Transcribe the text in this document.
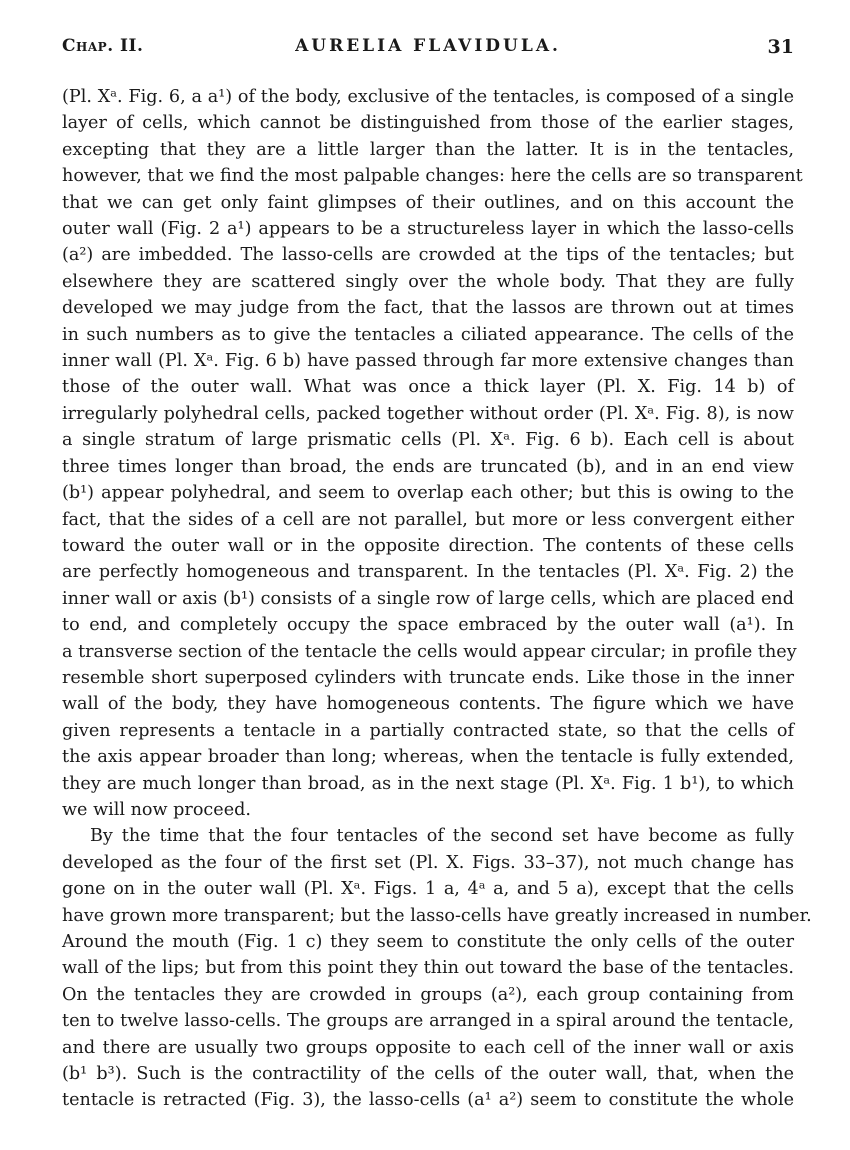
Chap. II.	AURELIA FLAVIDULA.	31

(Pl. Xᵃ. Fig. 6, a a¹) of the body, exclusive of the tentacles, is composed of a single
layer of cells, which cannot be distinguished from those of the earlier stages,
excepting that they are a little larger than the latter. It is in the tentacles,
however, that we find the most palpable changes: here the cells are so transparent
that we can get only faint glimpses of their outlines, and on this account the
outer wall (Fig. 2 a¹) appears to be a structureless layer in which the lasso-cells
(a²) are imbedded. The lasso-cells are crowded at the tips of the tentacles; but
elsewhere they are scattered singly over the whole body. That they are fully
developed we may judge from the fact, that the lassos are thrown out at times
in such numbers as to give the tentacles a ciliated appearance. The cells of the
inner wall (Pl. Xᵃ. Fig. 6 b) have passed through far more extensive changes than
those of the outer wall. What was once a thick layer (Pl. X. Fig. 14 b) of
irregularly polyhedral cells, packed together without order (Pl. Xᵃ. Fig. 8), is now
a single stratum of large prismatic cells (Pl. Xᵃ. Fig. 6 b). Each cell is about
three times longer than broad, the ends are truncated (b), and in an end view
(b¹) appear polyhedral, and seem to overlap each other; but this is owing to the
fact, that the sides of a cell are not parallel, but more or less convergent either
toward the outer wall or in the opposite direction. The contents of these cells
are perfectly homogeneous and transparent. In the tentacles (Pl. Xᵃ. Fig. 2) the
inner wall or axis (b¹) consists of a single row of large cells, which are placed end
to end, and completely occupy the space embraced by the outer wall (a¹). In
a transverse section of the tentacle the cells would appear circular; in profile they
resemble short superposed cylinders with truncate ends. Like those in the inner
wall of the body, they have homogeneous contents. The figure which we have
given represents a tentacle in a partially contracted state, so that the cells of
the axis appear broader than long; whereas, when the tentacle is fully extended,
they are much longer than broad, as in the next stage (Pl. Xᵃ. Fig. 1 b¹), to which
we will now proceed.

By the time that the four tentacles of the second set have become as fully
developed as the four of the first set (Pl. X. Figs. 33–37), not much change has
gone on in the outer wall (Pl. Xᵃ. Figs. 1 a, 4ᵃ a, and 5 a), except that the cells
have grown more transparent; but the lasso-cells have greatly increased in number.
Around the mouth (Fig. 1 c) they seem to constitute the only cells of the outer
wall of the lips; but from this point they thin out toward the base of the tentacles.
On the tentacles they are crowded in groups (a²), each group containing from
ten to twelve lasso-cells. The groups are arranged in a spiral around the tentacle,
and there are usually two groups opposite to each cell of the inner wall or axis
(b¹ b³). Such is the contractility of the cells of the outer wall, that, when the
tentacle is retracted (Fig. 3), the lasso-cells (a¹ a²) seem to constitute the whole
